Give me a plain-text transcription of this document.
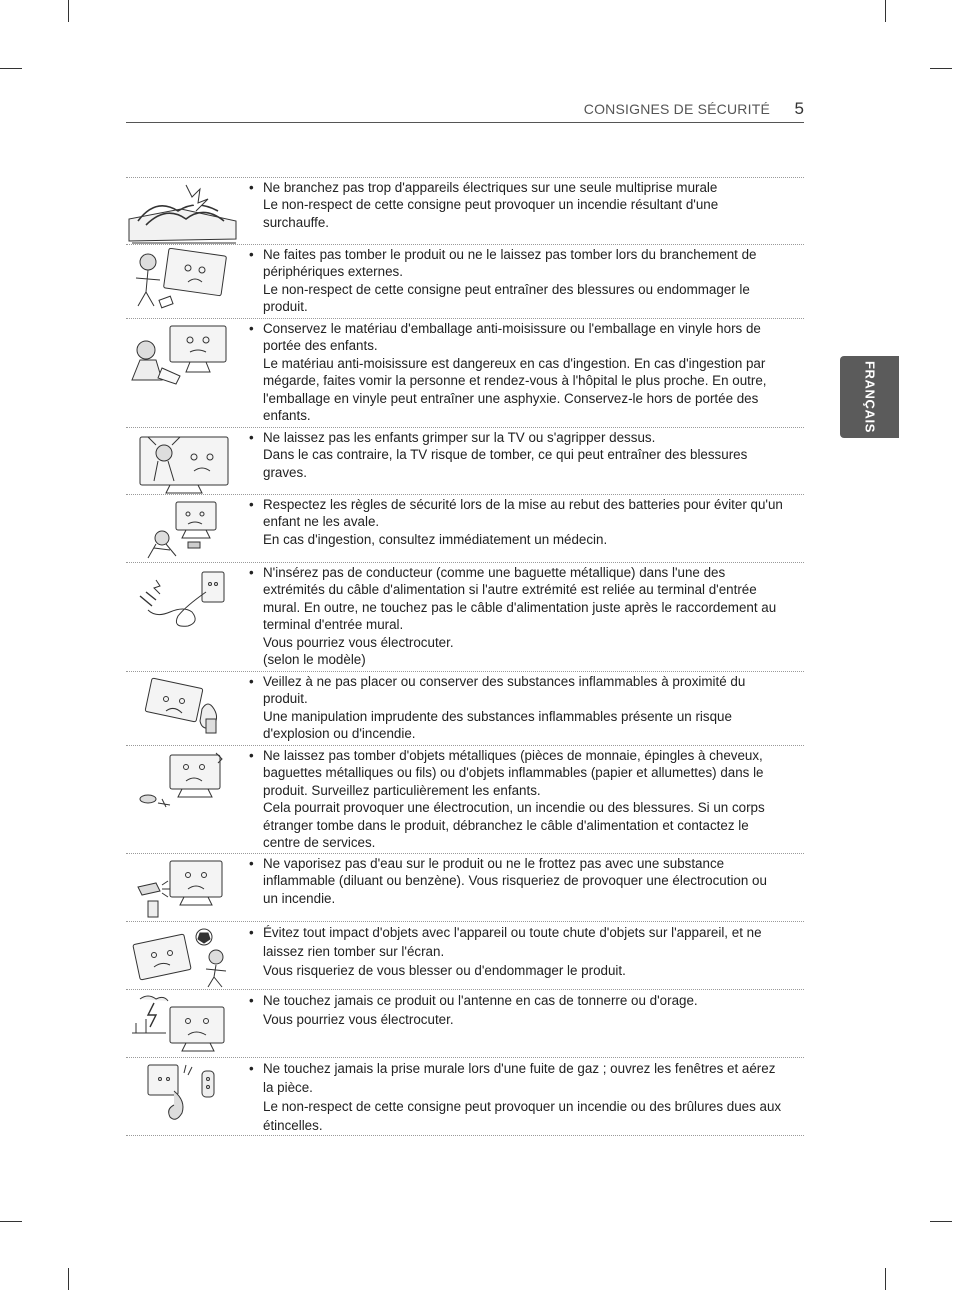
CONSIGNES DE SÉCURITÉ 5
FRANÇAIS
• Ne branchez pas trop d'appareils électriques sur une seule multiprise murale

Le non-respect de cette consigne peut provoquer un incendie résultant d'une surchauffe.

• Ne faites pas tomber le produit ou ne le laissez pas tomber lors du branchement de périphériques externes.

Le non-respect de cette consigne peut entraîner des blessures ou endommager le produit.

• Conservez le matériau d'emballage anti-moisissure ou l'emballage en vinyle hors de portée des enfants.

Le matériau anti-moisissure est dangereux en cas d'ingestion. En cas d'ingestion par mégarde, faites vomir la personne et rendez-vous à l'hôpital le plus proche. En outre, l'emballage en vinyle peut entraîner une asphyxie. Conservez-le hors de portée des enfants.

• Ne laissez pas les enfants grimper sur la TV ou s'agripper dessus.

Dans le cas contraire, la TV risque de tomber, ce qui peut entraîner des blessures graves.

• Respectez les règles de sécurité lors de la mise au rebut des batteries pour éviter qu'un enfant ne les avale.

En cas d'ingestion, consultez immédiatement un médecin.

• N'insérez pas de conducteur (comme une baguette métallique) dans l'une des extrémités du câble d'alimentation si l'autre extrémité est reliée au terminal d'entrée mural. En outre, ne touchez pas le câble d'alimentation juste après le raccordement au terminal d'entrée mural.

Vous pourriez vous électrocuter.

(selon le modèle)

• Veillez à ne pas placer ou conserver des substances inflammables à proximité du produit.

Une manipulation imprudente des substances inflammables présente un risque d'explosion ou d'incendie.

• Ne laissez pas tomber d'objets métalliques (pièces de monnaie, épingles à cheveux, baguettes métalliques ou fils) ou d'objets inflammables (papier et allumettes) dans le produit. Surveillez particulièrement les enfants.

Cela pourrait provoquer une électrocution, un incendie ou des blessures. Si un corps étranger tombe dans le produit, débranchez le câble d'alimentation et contactez le centre de services.

• Ne vaporisez pas d'eau sur le produit ou ne le frottez pas avec une substance inflammable (diluant ou benzène). Vous risqueriez de provoquer une électrocution ou un incendie.

• Évitez tout impact d'objets avec l'appareil ou toute chute d'objets sur l'appareil, et ne laissez rien tomber sur l'écran.

Vous risqueriez de vous blesser ou d'endommager le produit.

• Ne touchez jamais ce produit ou l'antenne en cas de tonnerre ou d'orage.

Vous pourriez vous électrocuter.

• Ne touchez jamais la prise murale lors d'une fuite de gaz ; ouvrez les fenêtres et aérez la pièce.

Le non-respect de cette consigne peut provoquer un incendie ou des brûlures dues aux étincelles.
